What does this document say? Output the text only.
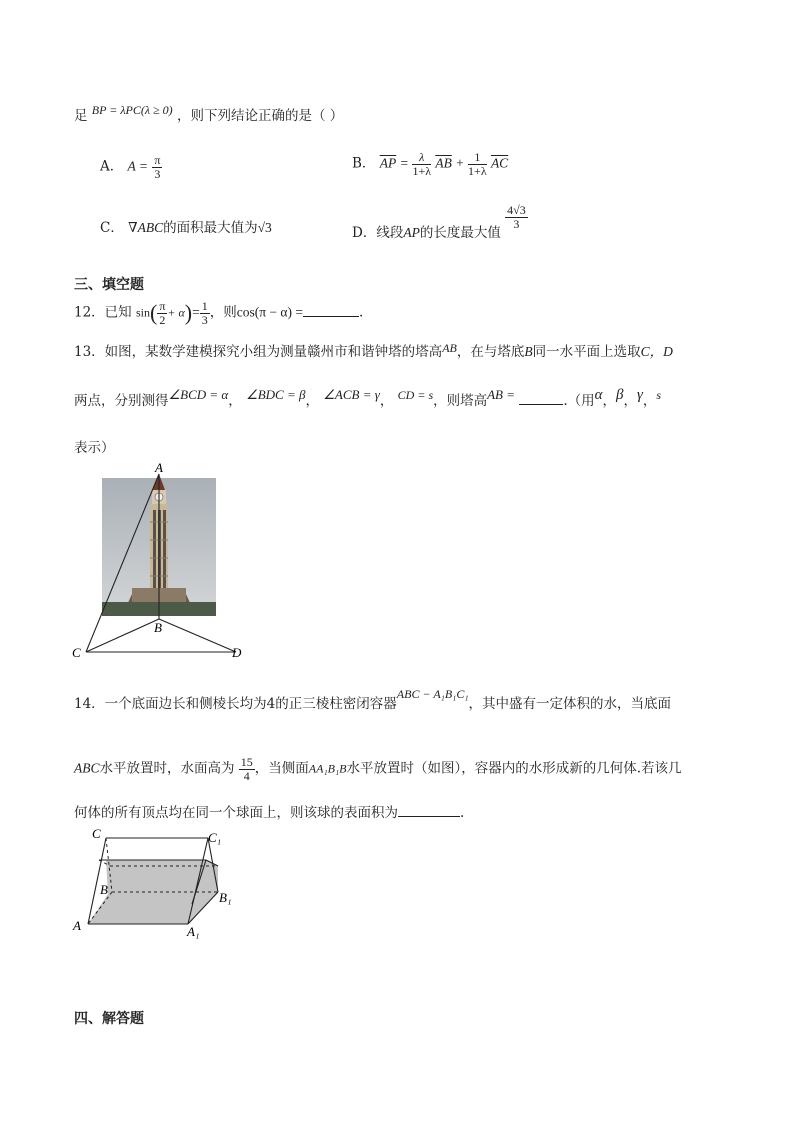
足 BP = λPC(λ ≥ 0) ，则下列结论正确的是（ ）
A． $A = \frac{\pi}{3}$	B． $\overline{AP} = \frac{\lambda}{1+\lambda} \overline{AB} + \frac{1}{1+\lambda} \overline{AC}$
C． ∇ABC的面积最大值为√3	D．线段AP的长度最大值
$\frac{4√3}{3}$
三、填空题
12．已知 $\sin( \frac{\pi}{2} + \alpha)= \frac{1}{3}$ ，则cos(π − α) =	.
13．如图，某数学建模探究小组为测量赣州市和谐钟塔的塔高AB，在与塔底B同一水平面上选取C，D
两点，分别测得∠BCD = α， ∠BDC = β， ∠ACB = γ， CD = s，则塔高AB =	.（用α，β，γ，s
表示）
A
B
C	D
14．一个底面边长和侧棱长均为4的正三棱柱密闭容器ABC − A₁B₁C₁，其中盛有一定体积的水，当底面
ABC水平放置时，水面高为 $\frac{15}{4}$ ，当侧面AA₁B₁B水平放置时（如图），容器内的水形成新的几何体.若该几
何体的所有顶点均在同一个球面上，则该球的表面积为	.
C	C₁
B
B₁
A	A₁
四、解答题
